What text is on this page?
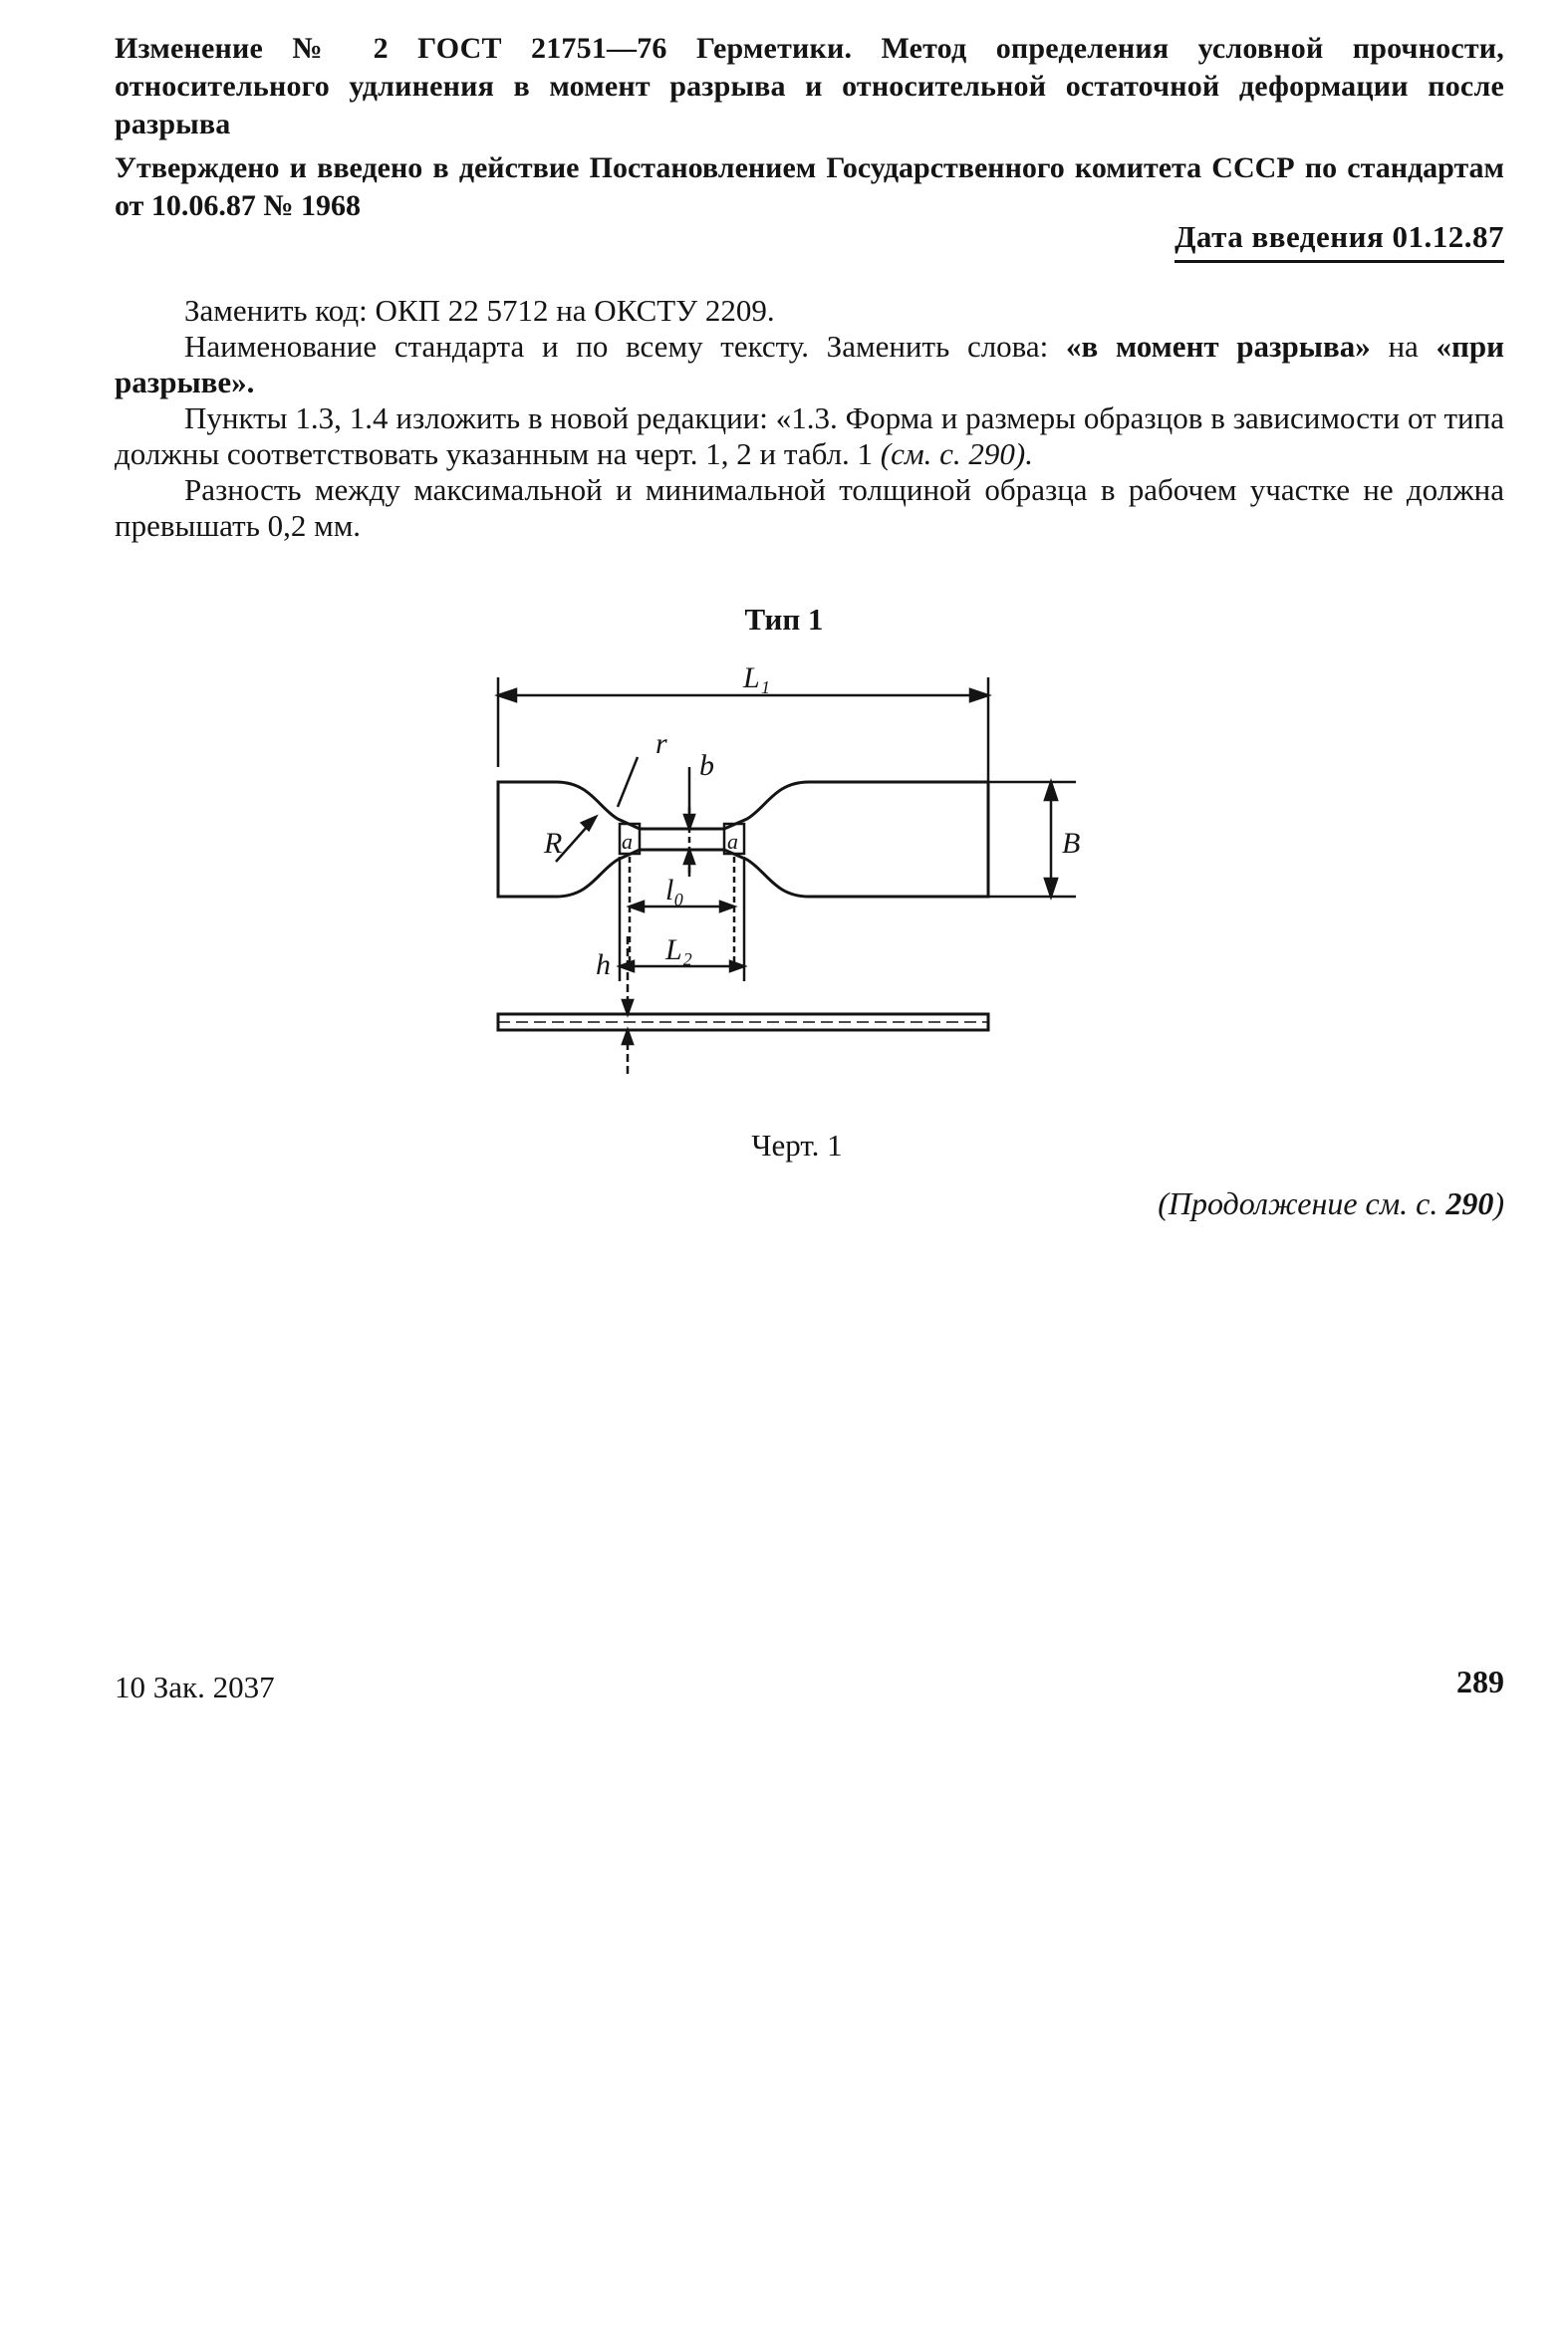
Изменение № 2 ГОСТ 21751—76 Герметики. Метод определения условной прочности, относительного удлинения в момент разрыва и относительной остаточной деформации после разрыва
Утверждено и введено в действие Постановлением Государственного комитета СССР по стандартам от 10.06.87 № 1968
Дата введения 01.12.87

Заменить код: ОКП 22 5712 на ОКСТУ 2209.

Наименование стандарта и по всему тексту. Заменить слова: «в момент разрыва» на «при разрыве».

Пункты 1.3, 1.4 изложить в новой редакции: «1.3. Форма и размеры образцов в зависимости от типа должны соответствовать указанным на черт. 1, 2 и табл. 1 (см. с. 290).

Разность между максимальной и минимальной толщиной образца в рабочем участке не должна превышать 0,2 мм.

Тип 1
L₁
r
b
R	a	a	B
l₀
L₂
h
Черт. 1
(Продолжение см. с. 290)
10 Зак. 2037	289
